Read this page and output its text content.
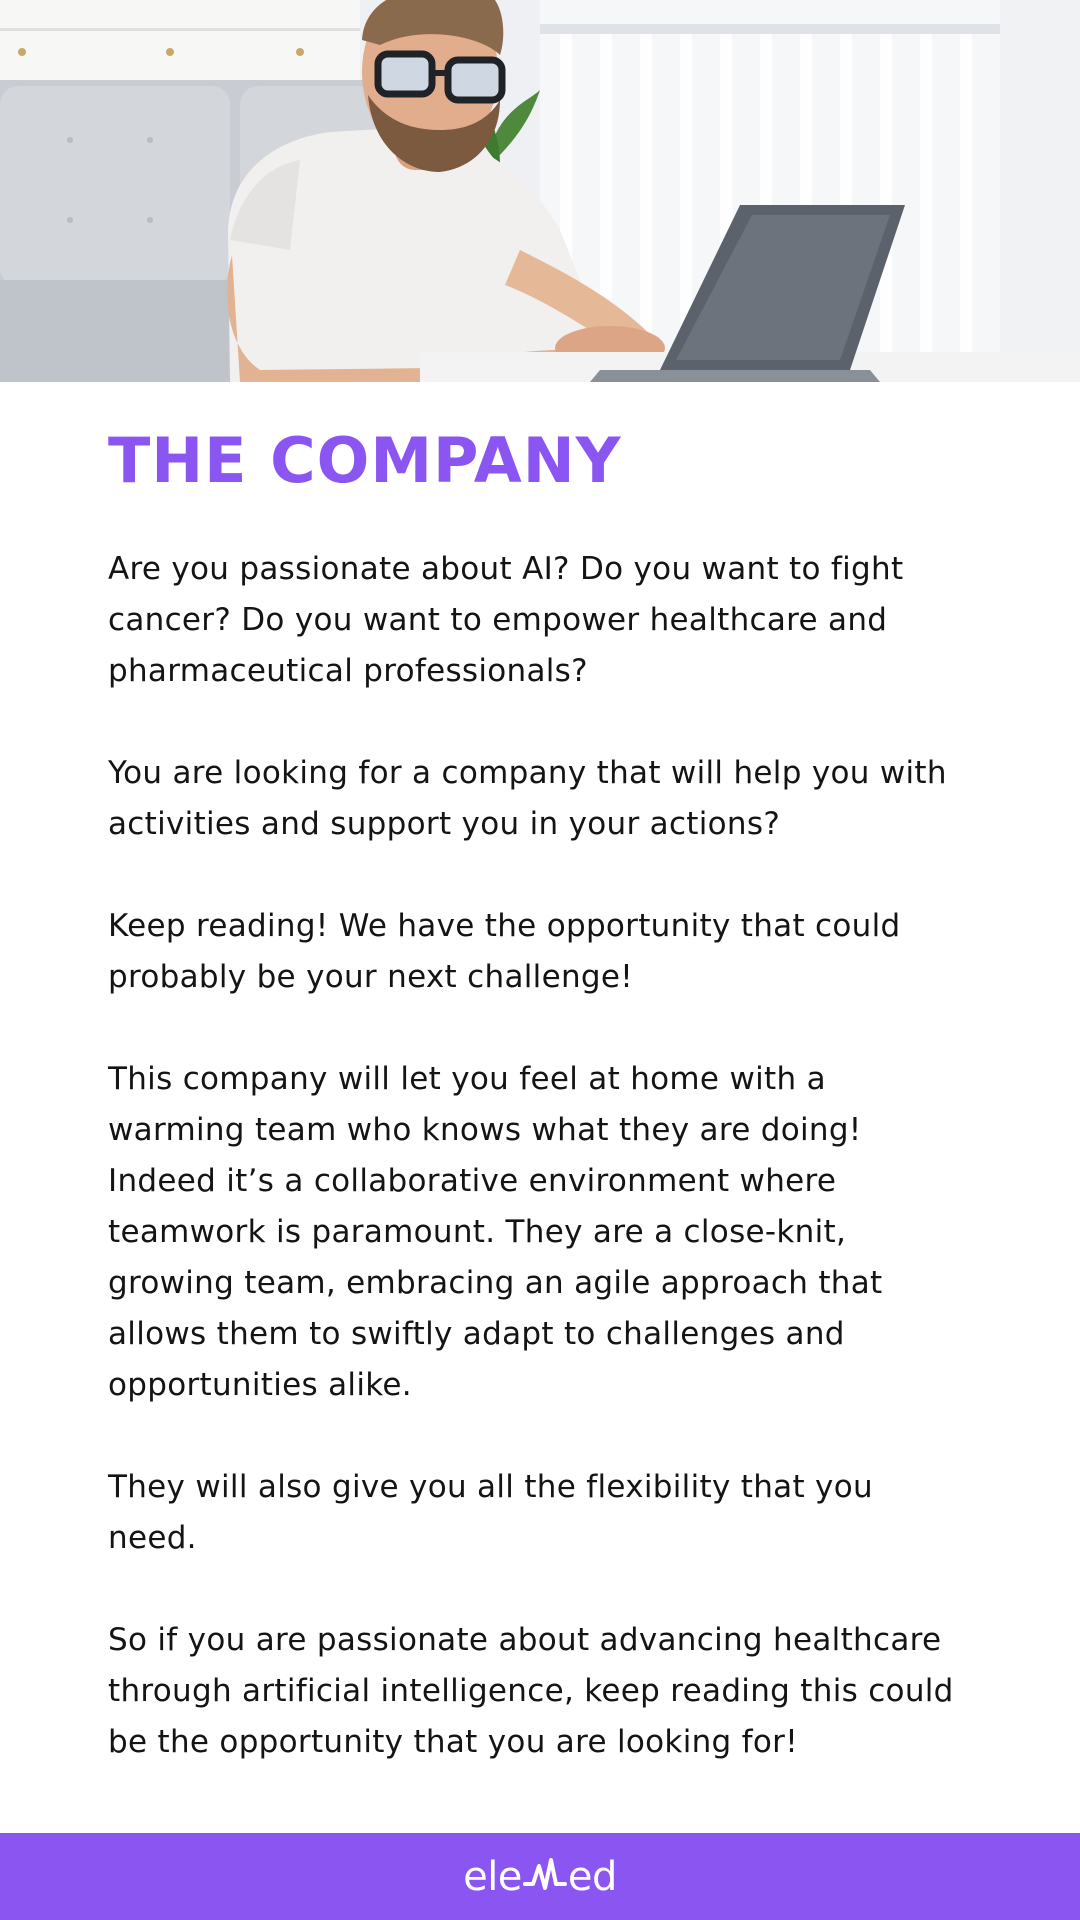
THE COMPANY

Are you passionate about AI? Do you want to fight cancer? Do you want to empower healthcare and pharmaceutical professionals?

You are looking for a company that will help you with activities and support you in your actions?

Keep reading! We have the opportunity that could probably be your next challenge!

This company will let you feel at home with a warming team who knows what they are doing! Indeed it’s a collaborative environment where teamwork is paramount. They are a close-knit, growing team, embracing an agile approach that allows them to swiftly adapt to challenges and opportunities alike.

They will also give you all the flexibility that you need.

So if you are passionate about advancing healthcare through artificial intelligence, keep reading this could be the opportunity that you are looking for!

ele ed
